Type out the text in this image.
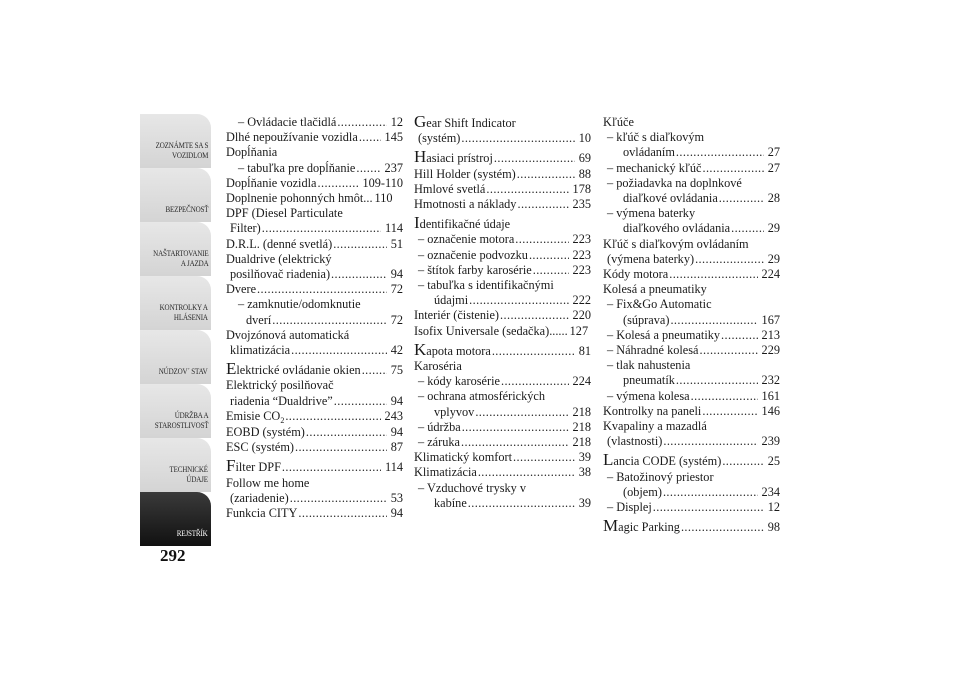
ZOZNÁMTE SA S
VOZIDLOM
BEZPEČNOSŤ
NAŠTARTOVANIE
A JAZDA
KONTROLKY A
HLÁSENIA
NÚDZOV´ STAV
ÚDRŽBA A
STAROSTLIVOSŤ
TECHNICKÉ
ÚDAJE
REJSTŘÍK
292
– Ovládacie tlačidlá .....	12
Dlhé nepoužívanie vozidla ..... 145
Dopĺňania
– tabuľka pre dopĺňanie ..... 237
Dopĺňanie vozidla .....	109-110
Doplnenie pohonných hmôt... 110
DPF (Diesel Particulate
Filter) .....	114
D.R.L. (denné svetlá) .....	51
Dualdrive (elektrický
posilňovač riadenia) .....	94
Dvere .....	72
– zamknutie/odomknutie
dverí .....	72
Dvojzónová automatická
klimatizácia .....	42
Elektrické ovládanie okien ..... 75
Elektrický posilňovač
riadenia “Dualdrive” .....	94
Emisie $CO_2$ .....	243
EOBD (systém) .....	94
ESC (systém) .....	87
Filter DPF .....	114
Follow me home
(zariadenie) .....	53
Funkcia CITY .....	94
Gear Shift Indicator
(systém) .....	10
Hasiaci prístroj .....	69
Hill Holder (systém) .....	88
Hmlové svetlá .....	178
Hmotnosti a náklady .....	235
Identifikačné údaje
– označenie motora .....	223
– označenie podvozku .....	223
– štítok farby karosérie .....	223
– tabuľka s identifikačnými
údajmi .....	222
Interiér (čistenie) .....	220
Isofix Universale (sedačka)...... 127
Kapota motora .....	81
Karoséria
– kódy karosérie .....	224
– ochrana atmosférických
vplyvov .....	218
– údržba .....	218
– záruka .....	218
Klimatický komfort .....	39
Klimatizácia .....	38
– Vzduchové trysky v
kabíne .....	39
Kľúče
– kľúč s diaľkovým
ovládaním .....	27
– mechanický kľúč .....	27
– požiadavka na doplnkové
diaľkové ovládania .....	28
– výmena baterky
diaľkového ovládania .....	29
Kľúč s diaľkovým ovládaním
(výmena baterky) .....	29
Kódy motora .....	224
Kolesá a pneumatiky
– Fix&Go Automatic
(súprava) .....	167
– Kolesá a pneumatiky .....	213
– Náhradné kolesá .....	229
– tlak nahustenia
pneumatík .....	232
– výmena kolesa .....	161
Kontrolky na paneli .....	146
Kvapaliny a mazadlá
(vlastnosti) .....	239
Lancia CODE (systém) .....	25
– Batožinový priestor
(objem) .....	234
– Displej .....	12
Magic Parking .....	98
